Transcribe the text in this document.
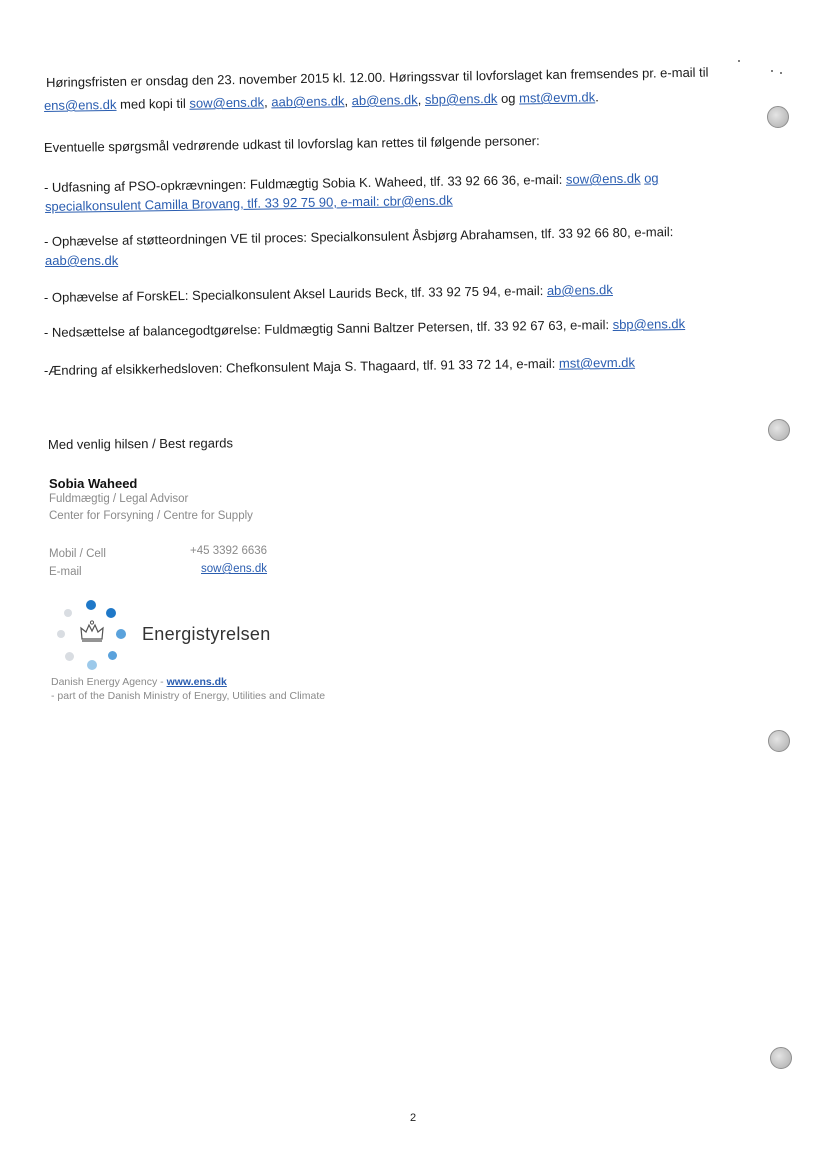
Høringsfristen er onsdag den 23. november 2015 kl. 12.00. Høringssvar til lovforslaget kan fremsendes pr. e-mail til
ens@ens.dk med kopi til sow@ens.dk, aab@ens.dk, ab@ens.dk, sbp@ens.dk og mst@evm.dk.
Eventuelle spørgsmål vedrørende udkast til lovforslag kan rettes til følgende personer:
- Udfasning af PSO-opkrævningen: Fuldmægtig Sobia K. Waheed, tlf. 33 92 66 36, e-mail: sow@ens.dk og
specialkonsulent Camilla Brovang, tlf. 33 92 75 90, e-mail: cbr@ens.dk
- Ophævelse af støtteordningen VE til proces: Specialkonsulent Åsbjørg Abrahamsen, tlf. 33 92 66 80, e-mail:
aab@ens.dk
- Ophævelse af ForskEL: Specialkonsulent Aksel Laurids Beck, tlf. 33 92 75 94, e-mail: ab@ens.dk
- Nedsættelse af balancegodtgørelse: Fuldmægtig Sanni Baltzer Petersen, tlf. 33 92 67 63, e-mail: sbp@ens.dk
-Ændring af elsikkerhedsloven: Chefkonsulent Maja S. Thagaard, tlf. 91 33 72 14, e-mail: mst@evm.dk
Med venlig hilsen / Best regards
Sobia Waheed
Fuldmægtig / Legal Advisor
Center for Forsyning / Centre for Supply
Mobil / Cell	+45 3392 6636
E-mail	sow@ens.dk
Energistyrelsen
Danish Energy Agency - www.ens.dk
- part of the Danish Ministry of Energy, Utilities and Climate
2
